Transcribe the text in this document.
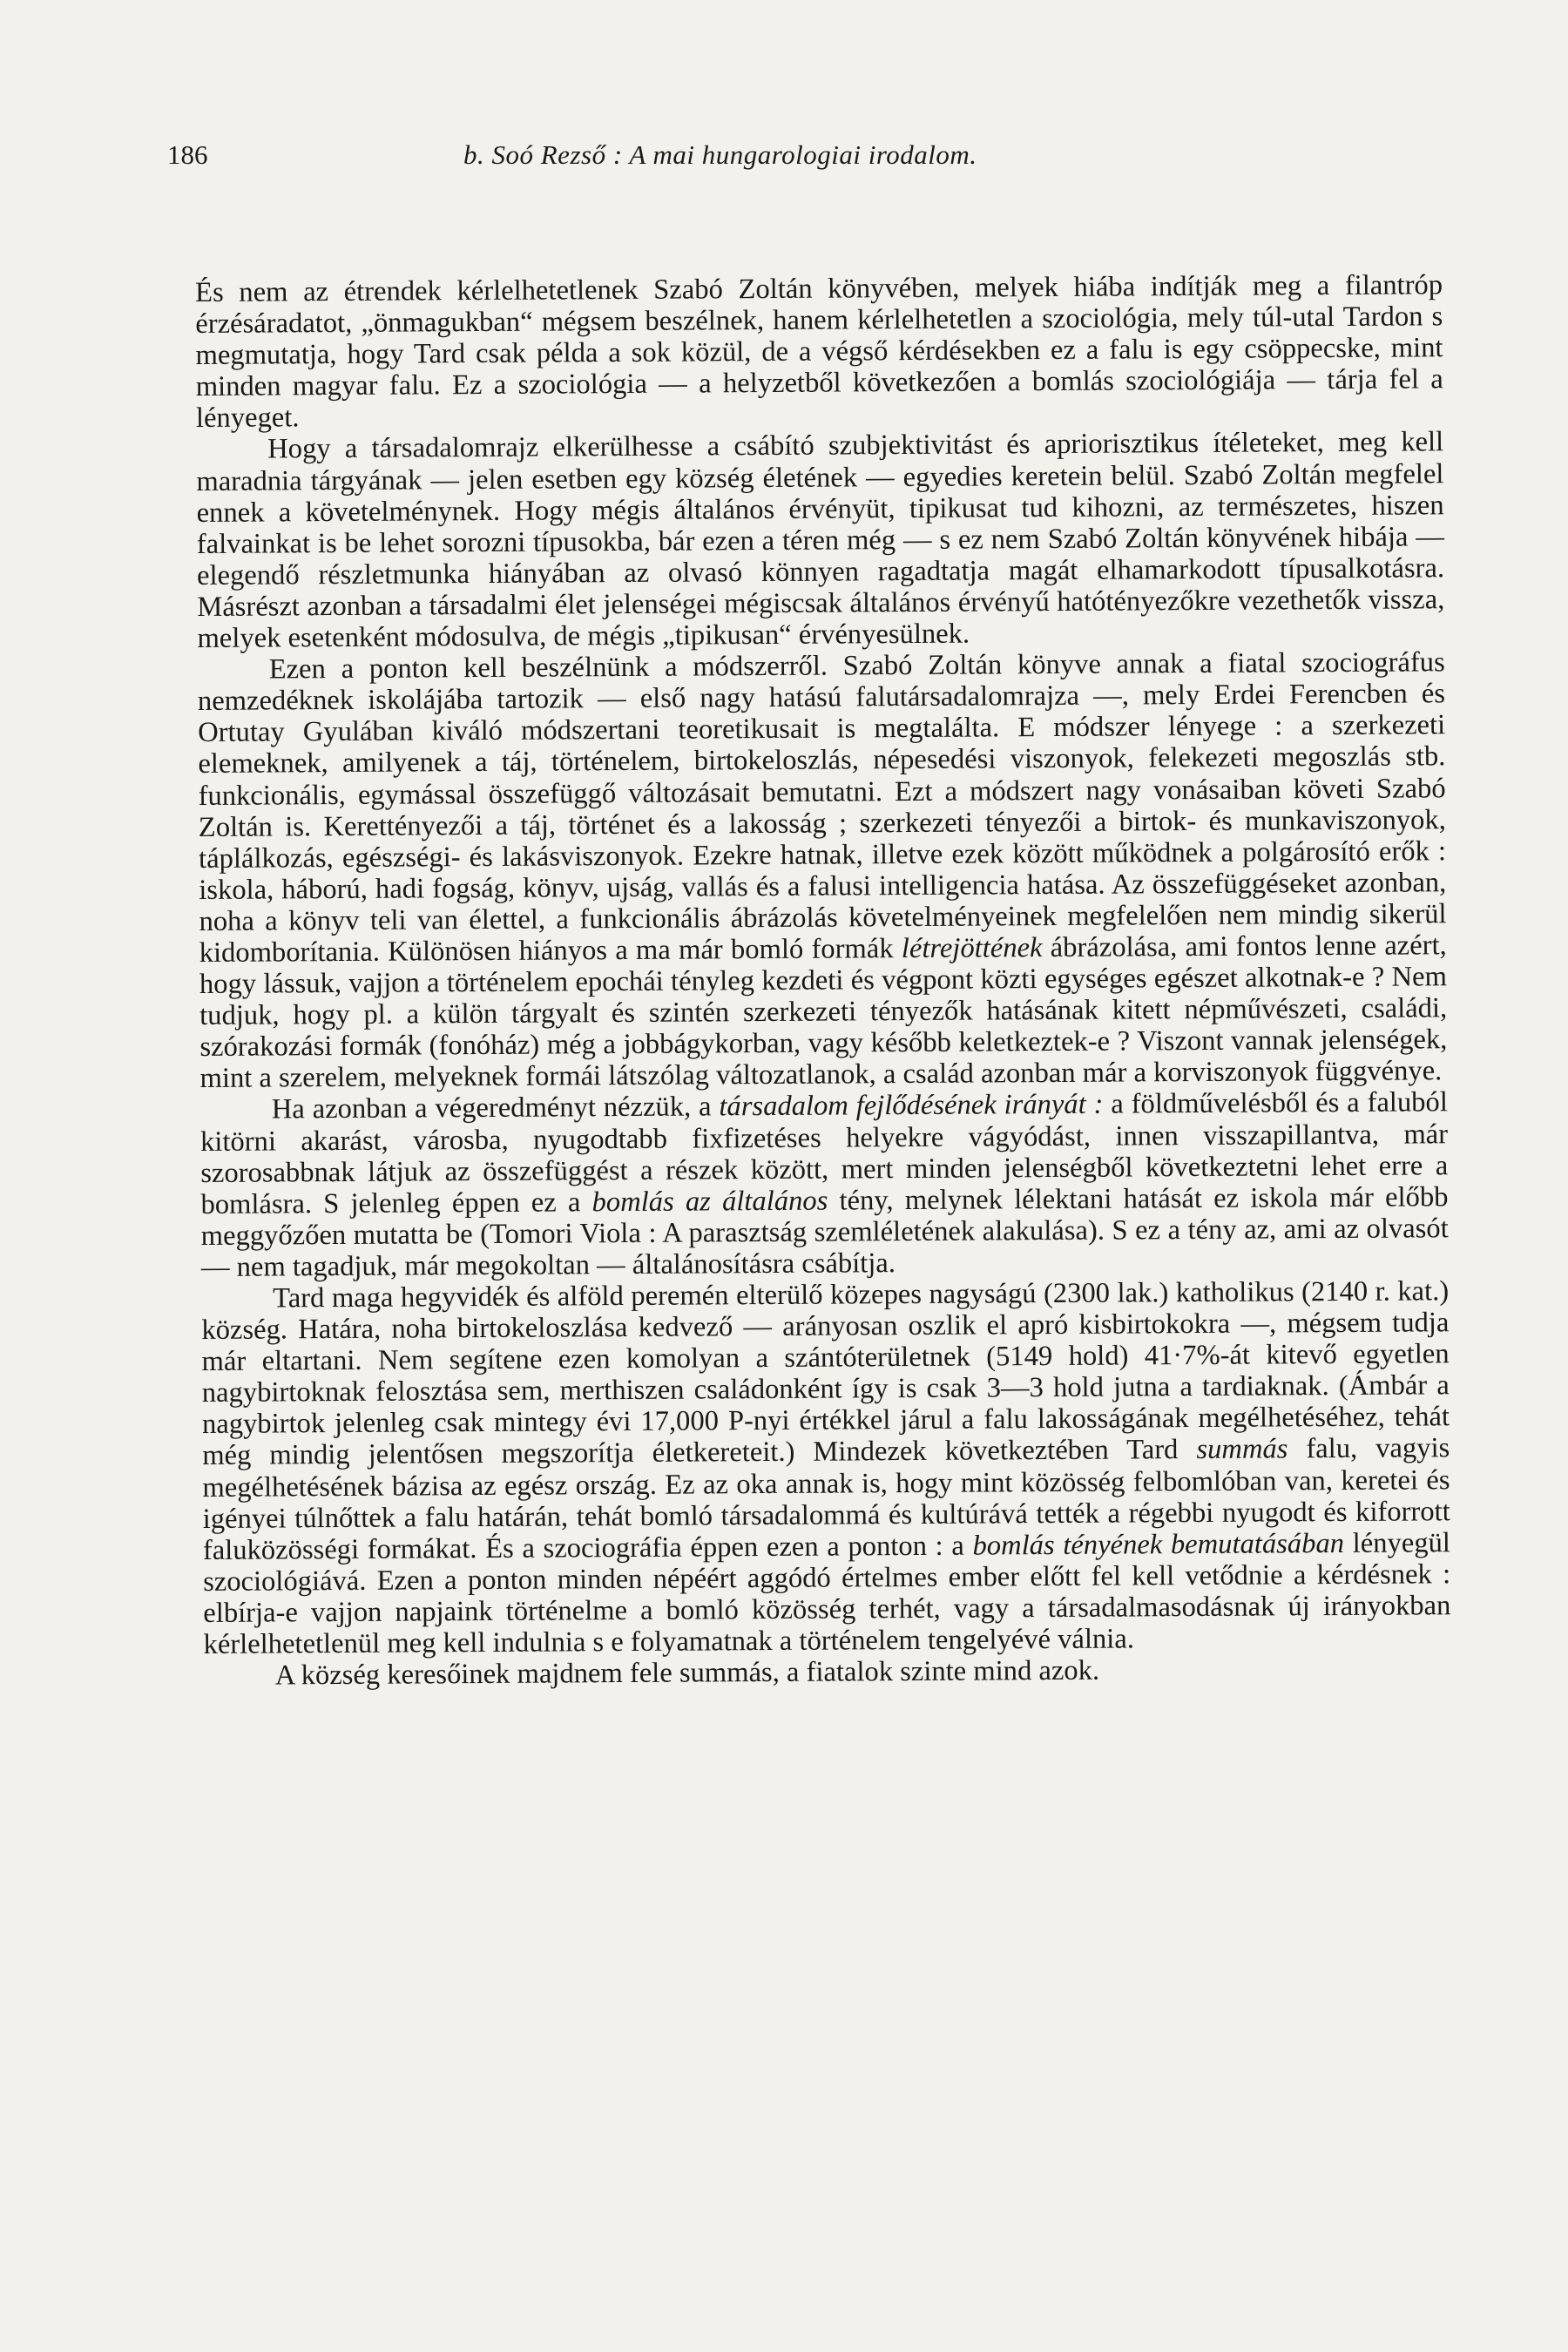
186	b. Soó Rezső : A mai hungarologiai irodalom.

És nem az étrendek kérlelhetetlenek Szabó Zoltán könyvében, melyek hiába indítják meg a filantróp érzésáradatot, „önmagukban“ mégsem beszélnek, hanem kérlelhetetlen a szociológia, mely túl-utal Tardon s megmutatja, hogy Tard csak példa a sok közül, de a végső kérdésekben ez a falu is egy csöppecske, mint minden magyar falu. Ez a szociológia — a helyzetből következően a bomlás szociológiája — tárja fel a lényeget.

Hogy a társadalomrajz elkerülhesse a csábító szubjektivitást és apriorisztikus ítéleteket, meg kell maradnia tárgyának — jelen esetben egy község életének — egyedies keretein belül. Szabó Zoltán megfelel ennek a követelménynek. Hogy mégis általános érvényüt, tipikusat tud kihozni, az természetes, hiszen falvainkat is be lehet sorozni típusokba, bár ezen a téren még — s ez nem Szabó Zoltán könyvének hibája — elegendő részletmunka hiányában az olvasó könnyen ragadtatja magát elhamarkodott típusalkotásra. Másrészt azonban a társadalmi élet jelenségei mégiscsak általános érvényű hatótényezőkre vezethetők vissza, melyek esetenként módosulva, de mégis „tipikusan“ érvényesülnek.

Ezen a ponton kell beszélnünk a módszerről. Szabó Zoltán könyve annak a fiatal szociográfus nemzedéknek iskolájába tartozik — első nagy hatású falutársadalomrajza —, mely Erdei Ferencben és Ortutay Gyulában kiváló módszertani teoretikusait is megtalálta. E módszer lényege : a szerkezeti elemeknek, amilyenek a táj, történelem, birtokeloszlás, népesedési viszonyok, felekezeti megoszlás stb. funkcionális, egymással összefüggő változásait bemutatni. Ezt a módszert nagy vonásaiban követi Szabó Zoltán is. Kerettényezői a táj, történet és a lakosság ; szerkezeti tényezői a birtok- és munkaviszonyok, táplálkozás, egészségi- és lakásviszonyok. Ezekre hatnak, illetve ezek között működnek a polgárosító erők : iskola, háború, hadi fogság, könyv, ujság, vallás és a falusi intelligencia hatása. Az összefüggéseket azonban, noha a könyv teli van élettel, a funkcionális ábrázolás követelményeinek megfelelően nem mindig sikerül kidomborítania. Különösen hiányos a ma már bomló formák létrejöttének ábrázolása, ami fontos lenne azért, hogy lássuk, vajjon a történelem epochái tényleg kezdeti és végpont közti egységes egészet alkotnak-e ? Nem tudjuk, hogy pl. a külön tárgyalt és szintén szerkezeti tényezők hatásának kitett népművészeti, családi, szórakozási formák (fonóház) még a jobbágykorban, vagy később keletkeztek-e ? Viszont vannak jelenségek, mint a szerelem, melyeknek formái látszólag változatlanok, a család azonban már a korviszonyok függvénye.

Ha azonban a végeredményt nézzük, a társadalom fejlődésének irányát : a földművelésből és a faluból kitörni akarást, városba, nyugodtabb fixfizetéses helyekre vágyódást, innen visszapillantva, már szorosabbnak látjuk az összefüggést a részek között, mert minden jelenségből következtetni lehet erre a bomlásra. S jelenleg éppen ez a bomlás az általános tény, melynek lélektani hatását ez iskola már előbb meggyőzően mutatta be (Tomori Viola : A parasztság szemléletének alakulása). S ez a tény az, ami az olvasót — nem tagadjuk, már megokoltan — általánosításra csábítja.

Tard maga hegyvidék és alföld peremén elterülő közepes nagyságú (2300 lak.) katholikus (2140 r. kat.) község. Határa, noha birtokeloszlása kedvező — arányosan oszlik el apró kisbirtokokra —, mégsem tudja már eltartani. Nem segítene ezen komolyan a szántóterületnek (5149 hold) 41·7%-át kitevő egyetlen nagybirtoknak felosztása sem, merthiszen családonként így is csak 3—3 hold jutna a tardiaknak. (Ámbár a nagybirtok jelenleg csak mintegy évi 17,000 P-nyi értékkel járul a falu lakosságának megélhetéséhez, tehát még mindig jelentősen megszorítja életkereteit.) Mindezek következtében Tard summás falu, vagyis megélhetésének bázisa az egész ország. Ez az oka annak is, hogy mint közösség felbomlóban van, keretei és igényei túlnőttek a falu határán, tehát bomló társadalommá és kultúrává tették a régebbi nyugodt és kiforrott faluközösségi formákat. És a szociográfia éppen ezen a ponton : a bomlás tényének bemutatásában lényegül szociológiává. Ezen a ponton minden népéért aggódó értelmes ember előtt fel kell vetődnie a kérdésnek : elbírja-e vajjon napjaink történelme a bomló közösség terhét, vagy a társadalmasodásnak új irányokban kérlelhetetlenül meg kell indulnia s e folyamatnak a történelem tengelyévé válnia.

A község keresőinek majdnem fele summás, a fiatalok szinte mind azok.
